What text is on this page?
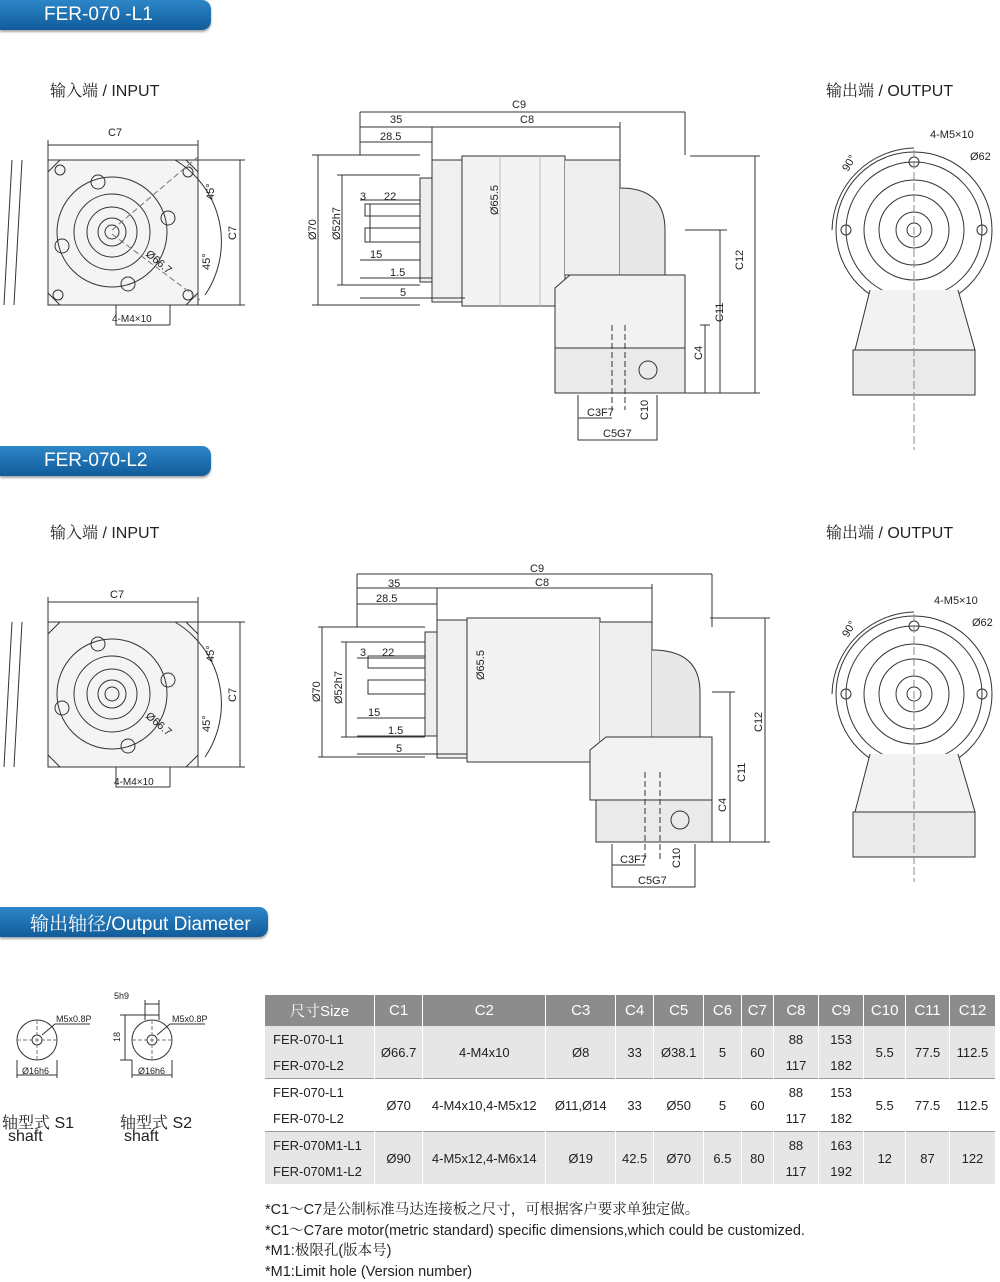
FER-070 -L1
FER-070-L2
输出轴径/Output Diameter
输入端 / INPUT	输出端 / OUTPUT
输入端 / INPUT	输出端 / OUTPUT
C7
C7
45°
45°
Ø66.7
4-M4×10
C9
C8
35
28.5
3 22
15
1.5
5
Ø70 Ø52h7
Ø65.5
C12
C11
C4
C3F7 C10
C5G7
4-M5×10
Ø62
90°
C7
C7
45°
45°
Ø66.7
4-M4×10
C9
C8
35
28.5
3 22
15
1.5
5
Ø70 Ø52h7
Ø65.5
C12
C11
C4
C3F7 C10
C5G7
4-M5×10
Ø62
90°
M5x0.8P
Ø16h6
M5x0.8P
Ø16h6
5h9
18
轴型式 S1
shaft
轴型式 S2
shaft
尺寸Size	C1	C2	C3	C4	C5	C6	C7	C8	C9	C10	C11	C12
FER-070-L1	Ø66.7	4-M4x10	Ø8	33	Ø38.1	5	60	88	153	5.5	77.5	112.5
FER-070-L2								117	182			
FER-070-L1	Ø70	4-M4x10,4-M5x12	Ø11,Ø14	33	Ø50	5	60	88	153	5.5	77.5	112.5
FER-070-L2								117	182			
FER-070M1-L1	Ø90	4-M5x12,4-M6x14	Ø19	42.5	Ø70	6.5	80	88	163	12	87	122
FER-070M1-L2								117	192			
*C1～C7是公制标准马达连接板之尺寸，可根据客户要求单独定做。
*C1～C7are motor(metric standard) specific dimensions,which could be customized.
*M1:极限孔(版本号)
*M1:Limit hole (Version number)
